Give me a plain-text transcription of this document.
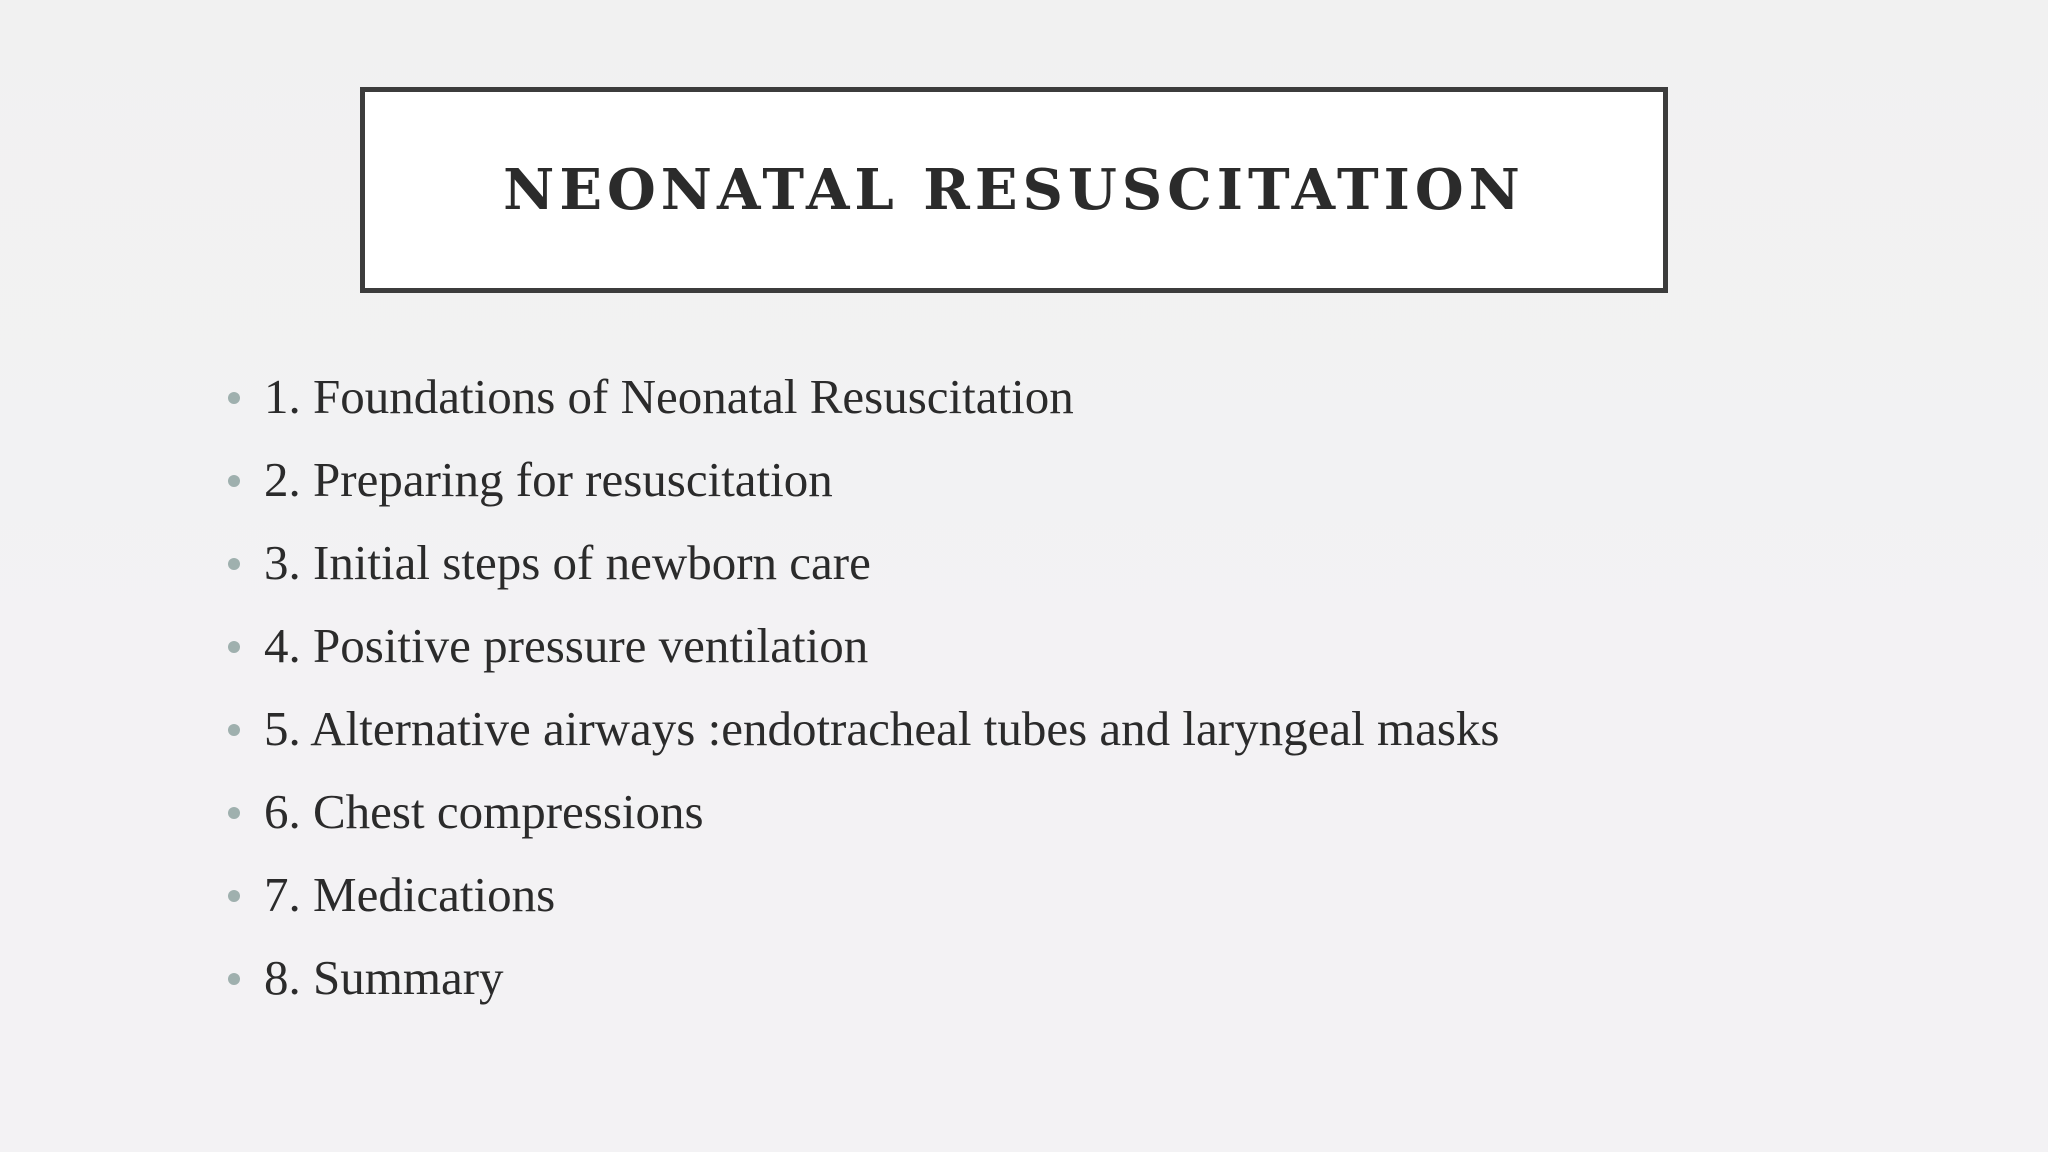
NEONATAL RESUSCITATION
1. Foundations of Neonatal Resuscitation
2. Preparing for resuscitation
3. Initial steps of newborn care
4. Positive pressure ventilation
5. Alternative airways :endotracheal tubes and laryngeal masks
6. Chest compressions
7. Medications
8. Summary
